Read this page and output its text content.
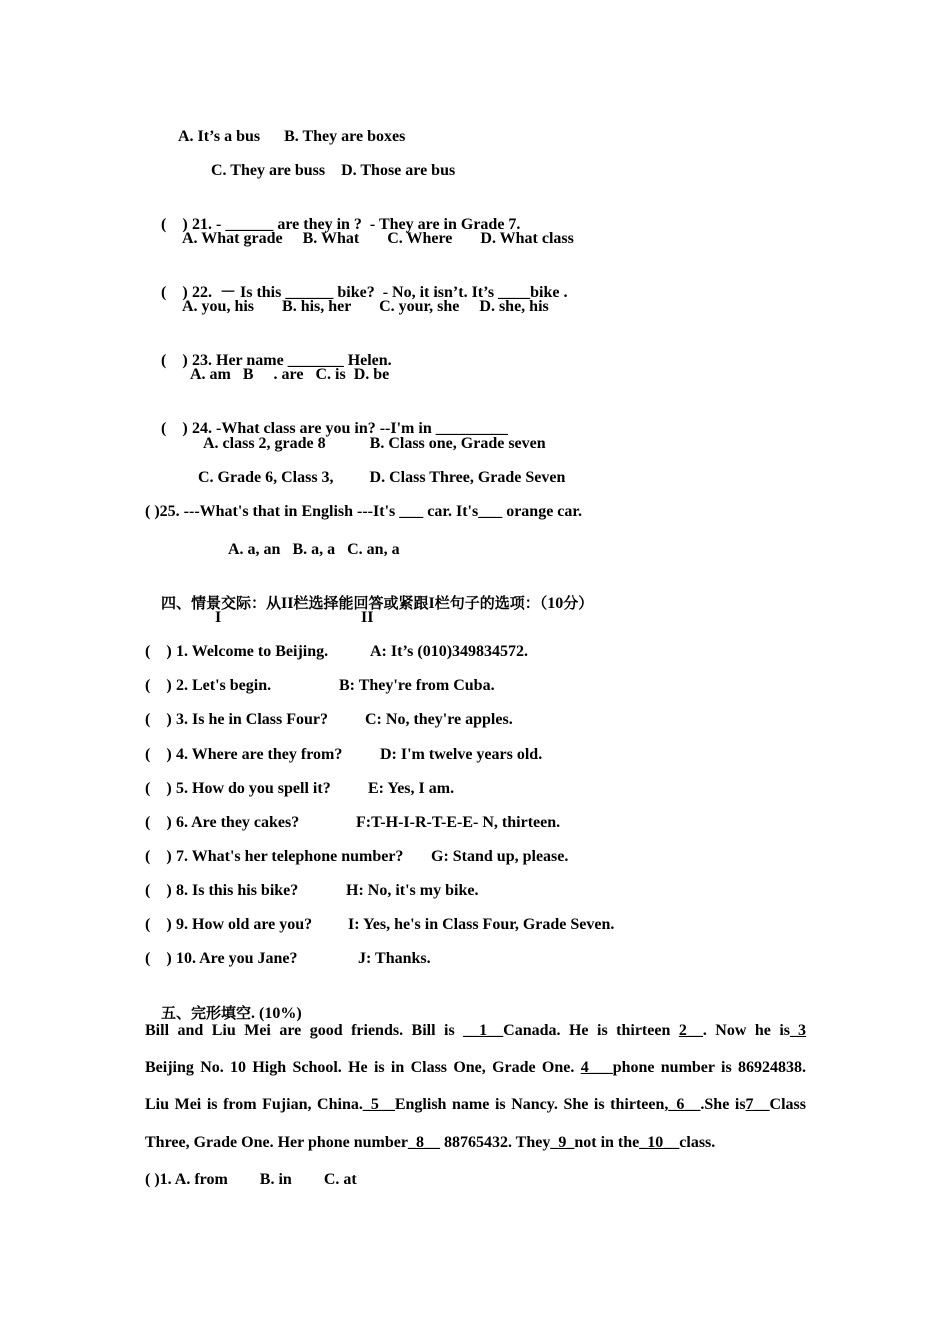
A. It’s a bus      B. They are boxes
C. They are buss    D. Those are bus

(    ) 21. - ______ are they in ?  - They are in Grade 7.

A. What grade     B. What       C. Where       D. What class

(    ) 22.  － Is this ______ bike?  - No, it isn’t. It’s ____bike .

A. you, his       B. his, her       C. your, she     D. she, his

(    ) 23. Her name _______ Helen.

A. am   B     . are   C. is  D. be

(    ) 24. -What class are you in? --I'm in _________

A. class 2, grade 8           B. Class one, Grade seven
C. Grade 6, Class 3,         D. Class Three, Grade Seven
( )25. ---What's that in English ---It's ___ car. It's___ orange car.
A. a, an   B. a, a   C. an, a

四、情景交际：从II栏选择能回答或紧跟I栏句子的选项：（10分）

I	II
(    ) 1. Welcome to Beijing.	A: It’s (010)349834572.
(    ) 2. Let's begin.	B: They're from Cuba.
(    ) 3. Is he in Class Four? C: No, they're apples.
(    ) 4. Where are they from? D: I'm twelve years old.
(    ) 5. How do you spell it? E: Yes, I am.
(    ) 6. Are they cakes?	F:T-H-I-R-T-E-E- N, thirteen.
(    ) 7. What's her telephone number? G: Stand up, please.
(    ) 8. Is this his bike?	H: No, it's my bike.
(    ) 9. How old are you? I: Yes, he's in Class Four, Grade Seven.
(    ) 10. Are you Jane?	J: Thanks.

五、完形填空. (10%)

Bill and Liu Mei are good friends. Bill is __1__Canada. He is thirteen 2__. Now he is_3
Beijing No. 10 High School. He is in Class One, Grade One. 4___phone number is 86924838.
Liu Mei is from Fujian, China._5__English name is Nancy. She is thirteen,_6__.She is7__Class
Three, Grade One. Her phone number_8__ 88765432. They_9_not in the_10__class.
( )1. A. from        B. in        C. at
